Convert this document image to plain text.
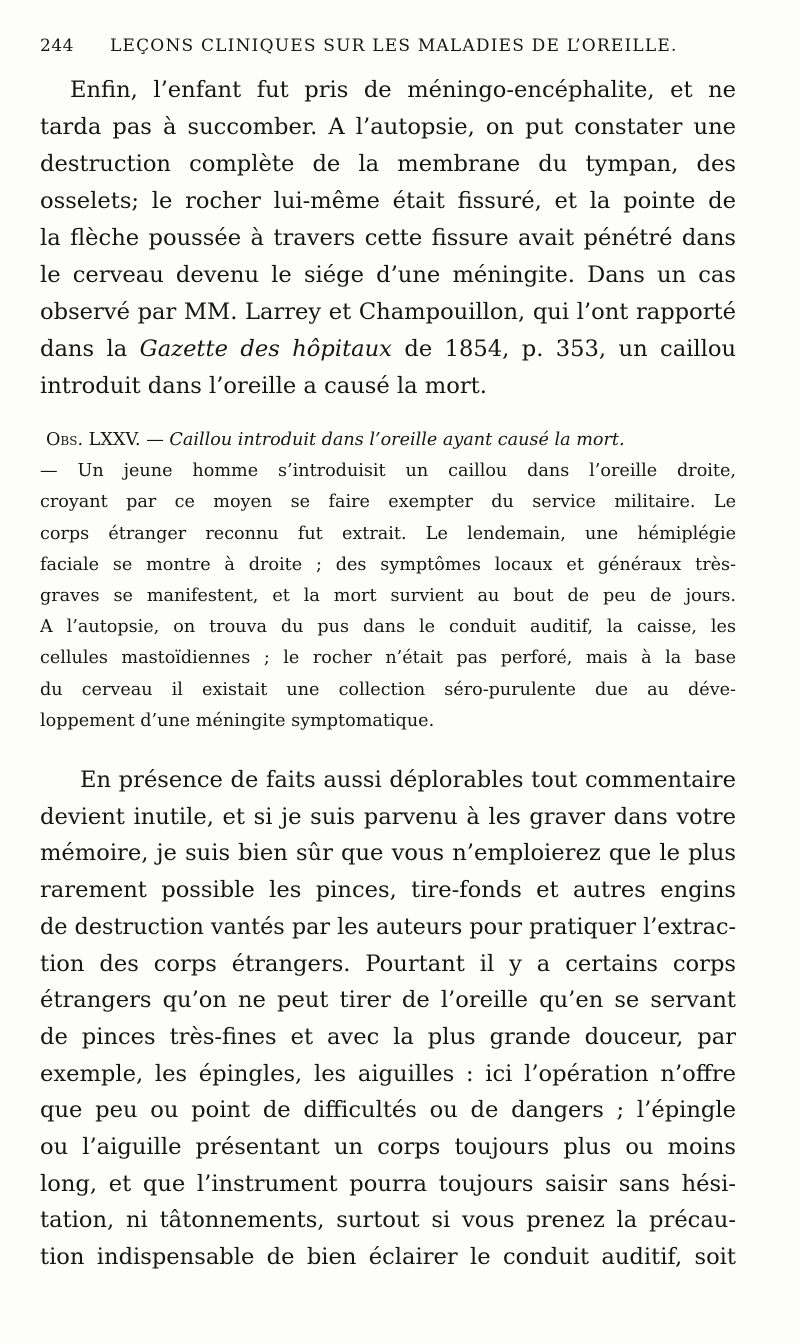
244 LEÇONS CLINIQUES SUR LES MALADIES DE L’OREILLE.
Enfin, l’enfant fut pris de méningo-encéphalite, et ne
tarda pas à succomber. A l’autopsie, on put constater une
destruction complète de la membrane du tympan, des
osselets; le rocher lui-même était fissuré, et la pointe de
la flèche poussée à travers cette fissure avait pénétré dans
le cerveau devenu le siége d’une méningite. Dans un cas
observé par MM. Larrey et Champouillon, qui l’ont rapporté
dans la Gazette des hôpitaux de 1854, p. 353, un caillou
introduit dans l’oreille a causé la mort.
Obs. LXXV. — Caillou introduit dans l’oreille ayant causé la mort.
— Un jeune homme s’introduisit un caillou dans l’oreille droite,
croyant par ce moyen se faire exempter du service militaire. Le
corps étranger reconnu fut extrait. Le lendemain, une hémiplégie
faciale se montre à droite ; des symptômes locaux et généraux très-
graves se manifestent, et la mort survient au bout de peu de jours.
A l’autopsie, on trouva du pus dans le conduit auditif, la caisse, les
cellules mastoïdiennes ; le rocher n’était pas perforé, mais à la base
du cerveau il existait une collection séro-purulente due au déve-
loppement d’une méningite symptomatique.
En présence de faits aussi déplorables tout commentaire
devient inutile, et si je suis parvenu à les graver dans votre
mémoire, je suis bien sûr que vous n’emploierez que le plus
rarement possible les pinces, tire-fonds et autres engins
de destruction vantés par les auteurs pour pratiquer l’extrac-
tion des corps étrangers. Pourtant il y a certains corps
étrangers qu’on ne peut tirer de l’oreille qu’en se servant
de pinces très-fines et avec la plus grande douceur, par
exemple, les épingles, les aiguilles : ici l’opération n’offre
que peu ou point de difficultés ou de dangers ; l’épingle
ou l’aiguille présentant un corps toujours plus ou moins
long, et que l’instrument pourra toujours saisir sans hési-
tation, ni tâtonnements, surtout si vous prenez la précau-
tion indispensable de bien éclairer le conduit auditif, soit
